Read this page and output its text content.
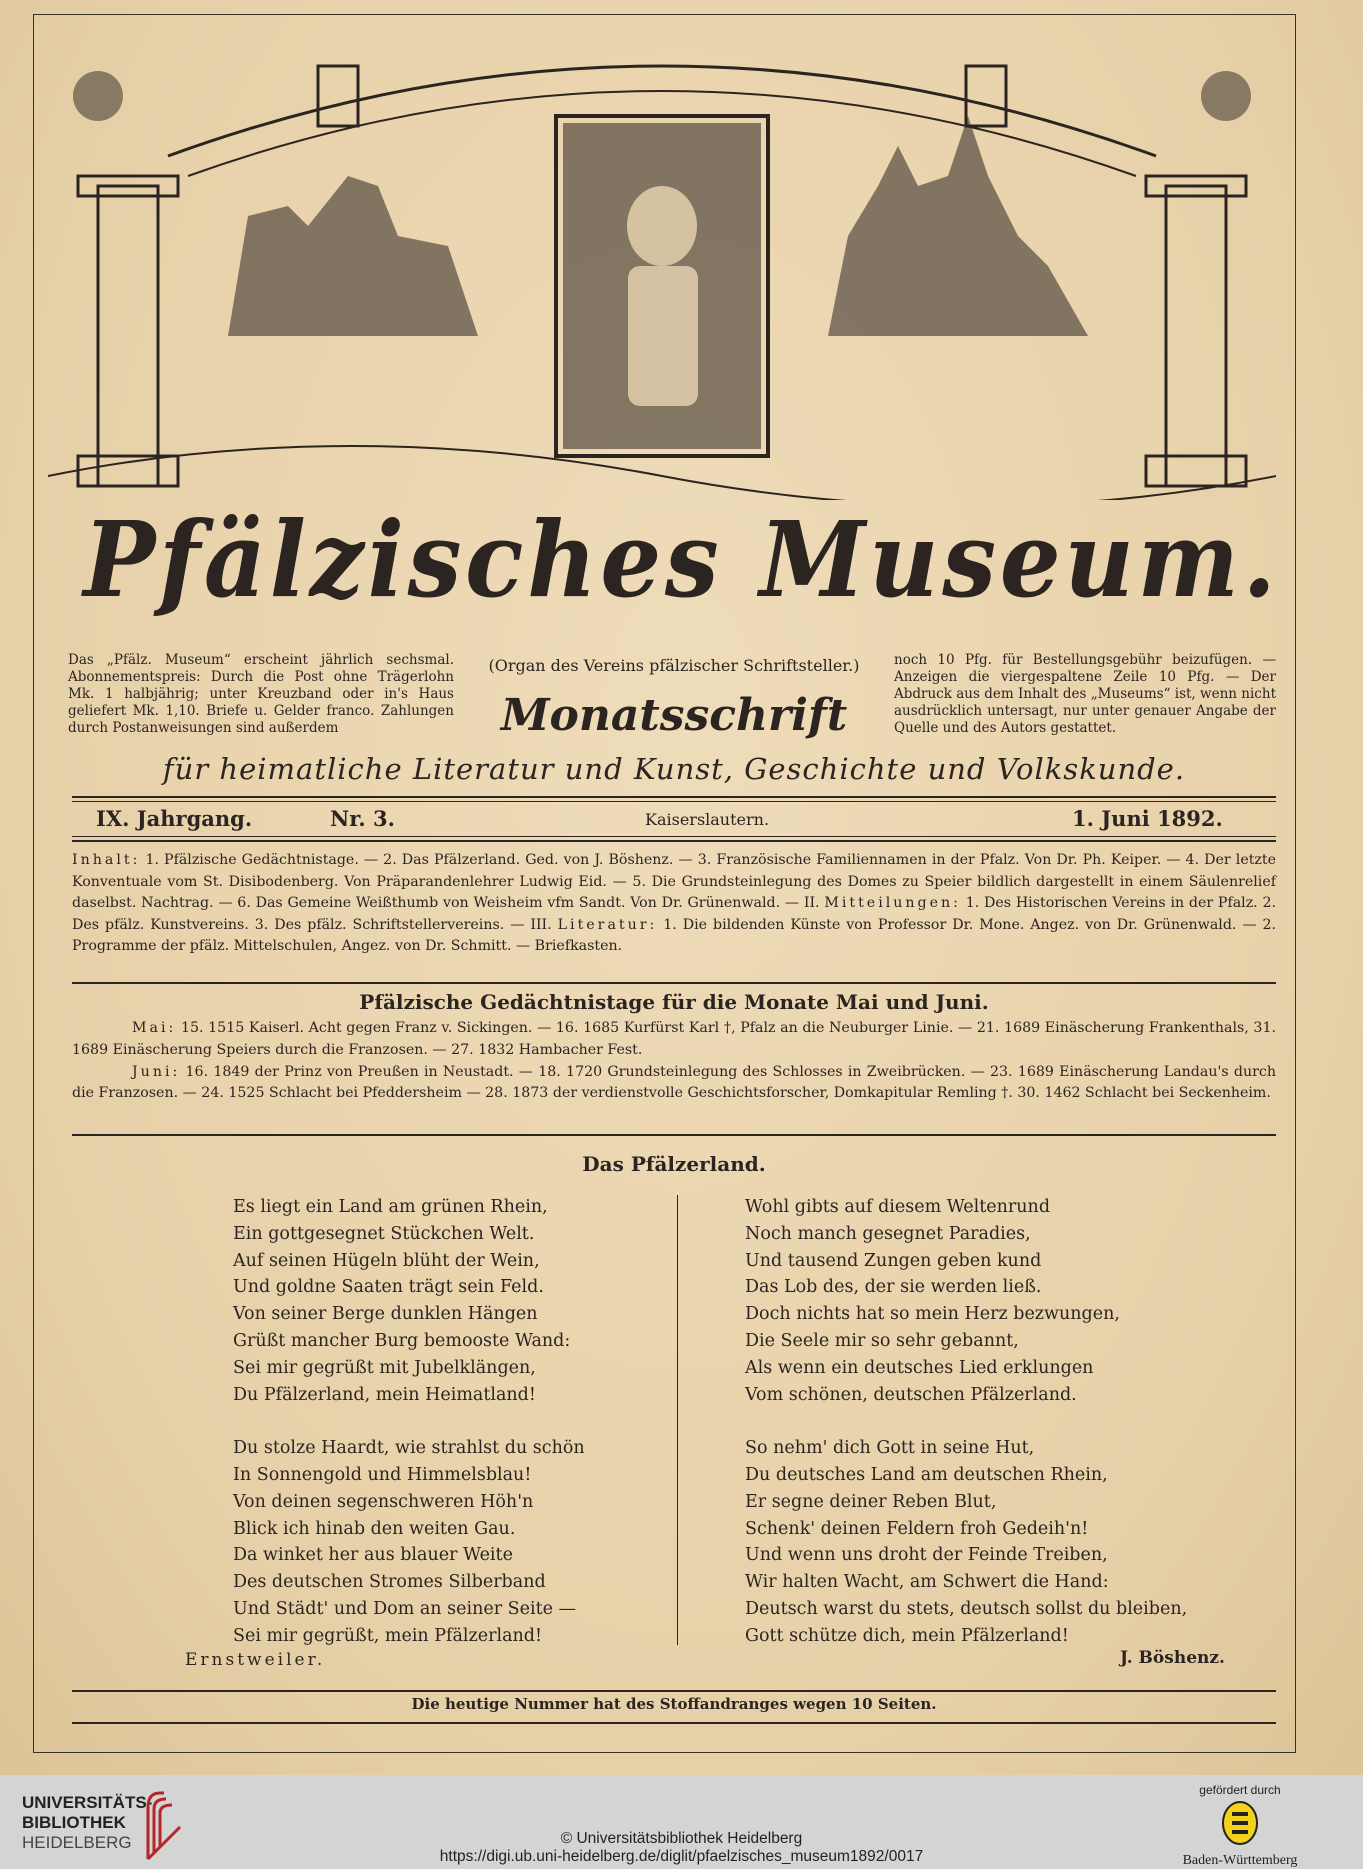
Pfälzisches Museum.
Das „Pfälz. Museum“ erscheint jährlich sechsmal. Abonnementspreis: Durch die Post ohne Trägerlohn Mk. 1 halbjährig; unter Kreuzband oder in's Haus geliefert Mk. 1,10. Briefe u. Gelder franco. Zahlungen durch Postanweisungen sind außerdem
(Organ des Vereins pfälzischer Schriftsteller.)
Monatsschrift
noch 10 Pfg. für Bestellungsgebühr beizufügen. — Anzeigen die viergespaltene Zeile 10 Pfg. — Der Abdruck aus dem Inhalt des „Museums“ ist, wenn nicht ausdrücklich untersagt, nur unter genauer Angabe der Quelle und des Autors gestattet.
für heimatliche Literatur und Kunst, Geschichte und Volkskunde.
IX. Jahrgang.	Nr. 3.	Kaiserslautern.	1. Juni 1892.
Inhalt: 1. Pfälzische Gedächtnistage. — 2. Das Pfälzerland. Ged. von J. Böshenz. — 3. Französische Familiennamen in der Pfalz. Von Dr. Ph. Keiper. — 4. Der letzte Konventuale vom St. Disibodenberg. Von Präparandenlehrer Ludwig Eid. — 5. Die Grundsteinlegung des Domes zu Speier bildlich dargestellt in einem Säulenrelief daselbst. Nachtrag. — 6. Das Gemeine Weißthumb von Weisheim vfm Sandt. Von Dr. Grünenwald. — II. Mitteilungen: 1. Des Historischen Vereins in der Pfalz. 2. Des pfälz. Kunstvereins. 3. Des pfälz. Schriftstellervereins. — III. Literatur: 1. Die bildenden Künste von Professor Dr. Mone. Angez. von Dr. Grünenwald. — 2. Programme der pfälz. Mittelschulen, Angez. von Dr. Schmitt. — Briefkasten.
Pfälzische Gedächtnistage für die Monate Mai und Juni.
Mai: 15. 1515 Kaiserl. Acht gegen Franz v. Sickingen. — 16. 1685 Kurfürst Karl †, Pfalz an die Neuburger Linie. — 21. 1689 Einäscherung Frankenthals, 31. 1689 Einäscherung Speiers durch die Franzosen. — 27. 1832 Hambacher Fest.
Juni: 16. 1849 der Prinz von Preußen in Neustadt. — 18. 1720 Grundsteinlegung des Schlosses in Zweibrücken. — 23. 1689 Einäscherung Landau's durch die Franzosen. — 24. 1525 Schlacht bei Pfeddersheim — 28. 1873 der verdienstvolle Geschichtsforscher, Domkapitular Remling †. 30. 1462 Schlacht bei Seckenheim.
Das Pfälzerland.
Es liegt ein Land am grünen Rhein,
Ein gottgesegnet Stückchen Welt.
Auf seinen Hügeln blüht der Wein,
Und goldne Saaten trägt sein Feld.
Von seiner Berge dunklen Hängen
Grüßt mancher Burg bemooste Wand:
Sei mir gegrüßt mit Jubelklängen,
Du Pfälzerland, mein Heimatland!
Du stolze Haardt, wie strahlst du schön
In Sonnengold und Himmelsblau!
Von deinen segenschweren Höh'n
Blick ich hinab den weiten Gau.
Da winket her aus blauer Weite
Des deutschen Stromes Silberband
Und Städt' und Dom an seiner Seite —
Sei mir gegrüßt, mein Pfälzerland!
Wohl gibts auf diesem Weltenrund
Noch manch gesegnet Paradies,
Und tausend Zungen geben kund
Das Lob des, der sie werden ließ.
Doch nichts hat so mein Herz bezwungen,
Die Seele mir so sehr gebannt,
Als wenn ein deutsches Lied erklungen
Vom schönen, deutschen Pfälzerland.
So nehm' dich Gott in seine Hut,
Du deutsches Land am deutschen Rhein,
Er segne deiner Reben Blut,
Schenk' deinen Feldern froh Gedeih'n!
Und wenn uns droht der Feinde Treiben,
Wir halten Wacht, am Schwert die Hand:
Deutsch warst du stets, deutsch sollst du bleiben,
Gott schütze dich, mein Pfälzerland!
Ernstweiler.	J. Böshenz.
Die heutige Nummer hat des Stoffandranges wegen 10 Seiten.
UNIVERSITÄTS-
BIBLIOTHEK
HEIDELBERG	© Universitätsbibliothek Heidelberg
https://digi.ub.uni-heidelberg.de/diglit/pfaelzisches_museum1892/0017
gefördert durch
Baden-Württemberg
